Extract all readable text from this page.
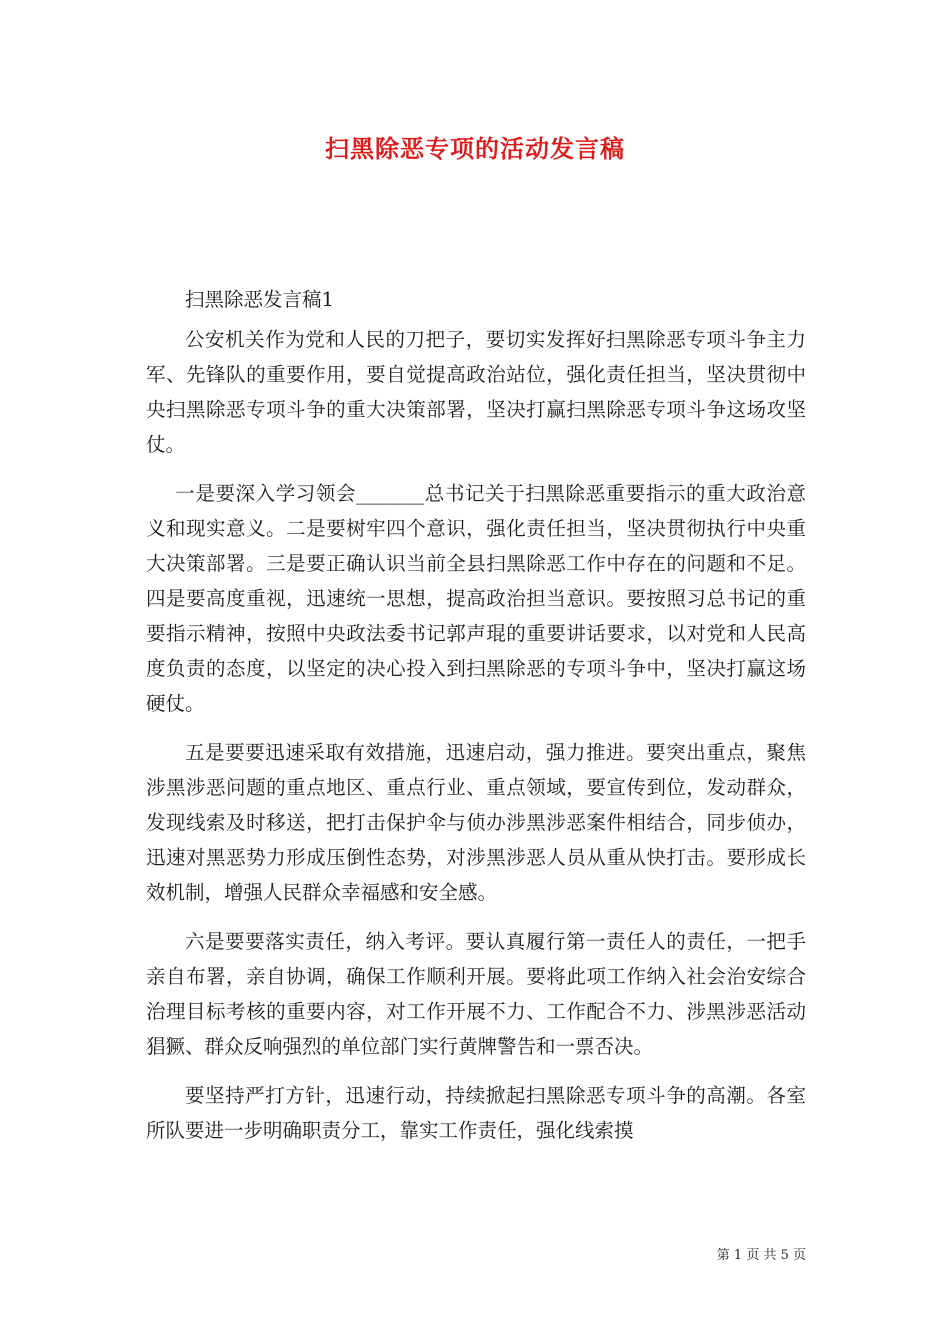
扫黑除恶专项的活动发言稿

扫黑除恶发言稿1

公安机关作为党和人民的刀把子，要切实发挥好扫黑除恶专项斗争主力军、先锋队的重要作用，要自觉提高政治站位，强化责任担当，坚决贯彻中央扫黑除恶专项斗争的重大决策部署，坚决打赢扫黑除恶专项斗争这场攻坚仗。

一是要深入学习领会_______总书记关于扫黑除恶重要指示的重大政治意义和现实意义。二是要树牢四个意识，强化责任担当，坚决贯彻执行中央重大决策部署。三是要正确认识当前全县扫黑除恶工作中存在的问题和不足。四是要高度重视，迅速统一思想，提高政治担当意识。要按照习总书记的重要指示精神，按照中央政法委书记郭声琨的重要讲话要求，以对党和人民高度负责的态度，以坚定的决心投入到扫黑除恶的专项斗争中，坚决打赢这场硬仗。

五是要要迅速采取有效措施，迅速启动，强力推进。要突出重点，聚焦涉黑涉恶问题的重点地区、重点行业、重点领域，要宣传到位，发动群众，发现线索及时移送，把打击保护伞与侦办涉黑涉恶案件相结合，同步侦办，迅速对黑恶势力形成压倒性态势，对涉黑涉恶人员从重从快打击。要形成长效机制，增强人民群众幸福感和安全感。

六是要要落实责任，纳入考评。要认真履行第一责任人的责任，一把手亲自布署，亲自协调，确保工作顺利开展。要将此项工作纳入社会治安综合治理目标考核的重要内容，对工作开展不力、工作配合不力、涉黑涉恶活动猖獗、群众反响强烈的单位部门实行黄牌警告和一票否决。

要坚持严打方针，迅速行动，持续掀起扫黑除恶专项斗争的高潮。各室所队要进一步明确职责分工，靠实工作责任，强化线索摸

第 1 页 共 5 页
